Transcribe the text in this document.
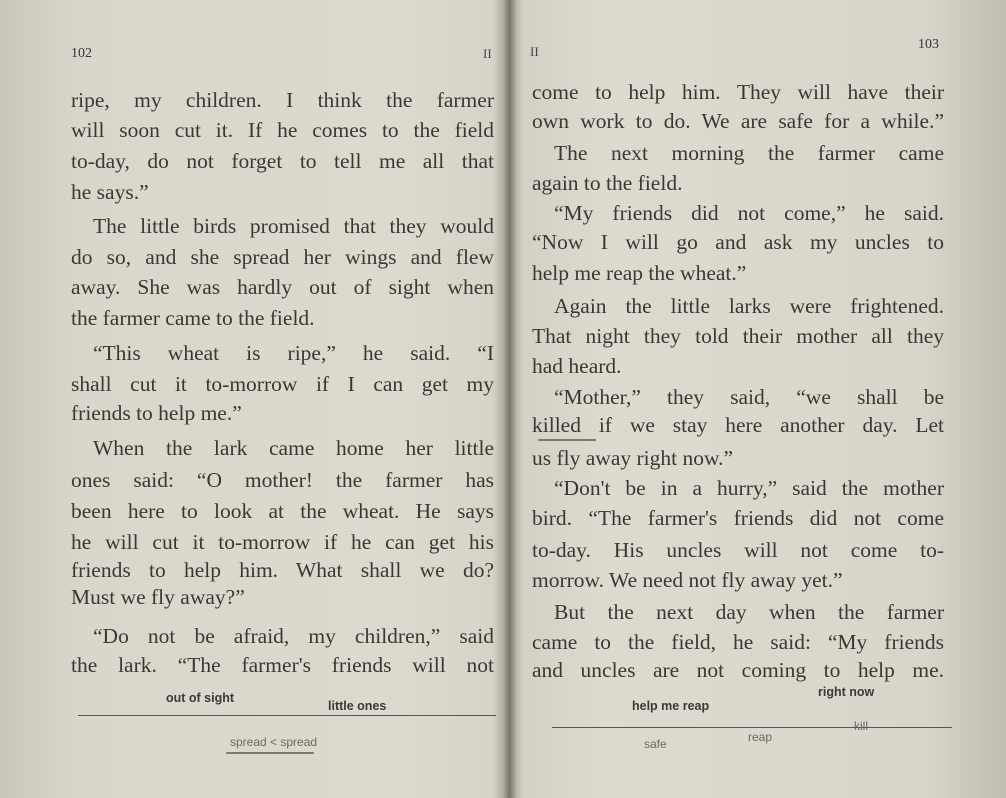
102	II
ripe, my children. I think the farmer
will soon cut it. If he comes to the field
to-day, do not forget to tell me all that
he says.”
The little birds promised that they would
do so, and she spread her wings and flew
away. She was hardly out of sight when
the farmer came to the field.
“This wheat is ripe,” he said. “I
shall cut it to-morrow if I can get my
friends to help me.”
When the lark came home her little
ones said: “O mother! the farmer has
been here to look at the wheat. He says
he will cut it to-morrow if he can get his
friends to help him. What shall we do?
Must we fly away?”
“Do not be afraid, my children,” said
the lark. “The farmer's friends will not
out of sight
little ones
spread < spread
103
II
come to help him. They will have their
own work to do. We are safe for a while.”
The next morning the farmer came
again to the field.
“My friends did not come,” he said.
“Now I will go and ask my uncles to
help me reap the wheat.”
Again the little larks were frightened.
That night they told their mother all they
had heard.
“Mother,” they said, “we shall be
killed if we stay here another day. Let
us fly away right now.”
“Don't be in a hurry,” said the mother
bird. “The farmer's friends did not come
to-day. His uncles will not come to-
morrow. We need not fly away yet.”
But the next day when the farmer
came to the field, he said: “My friends
and uncles are not coming to help me.
help me reap
right now
safe	reap
kill
